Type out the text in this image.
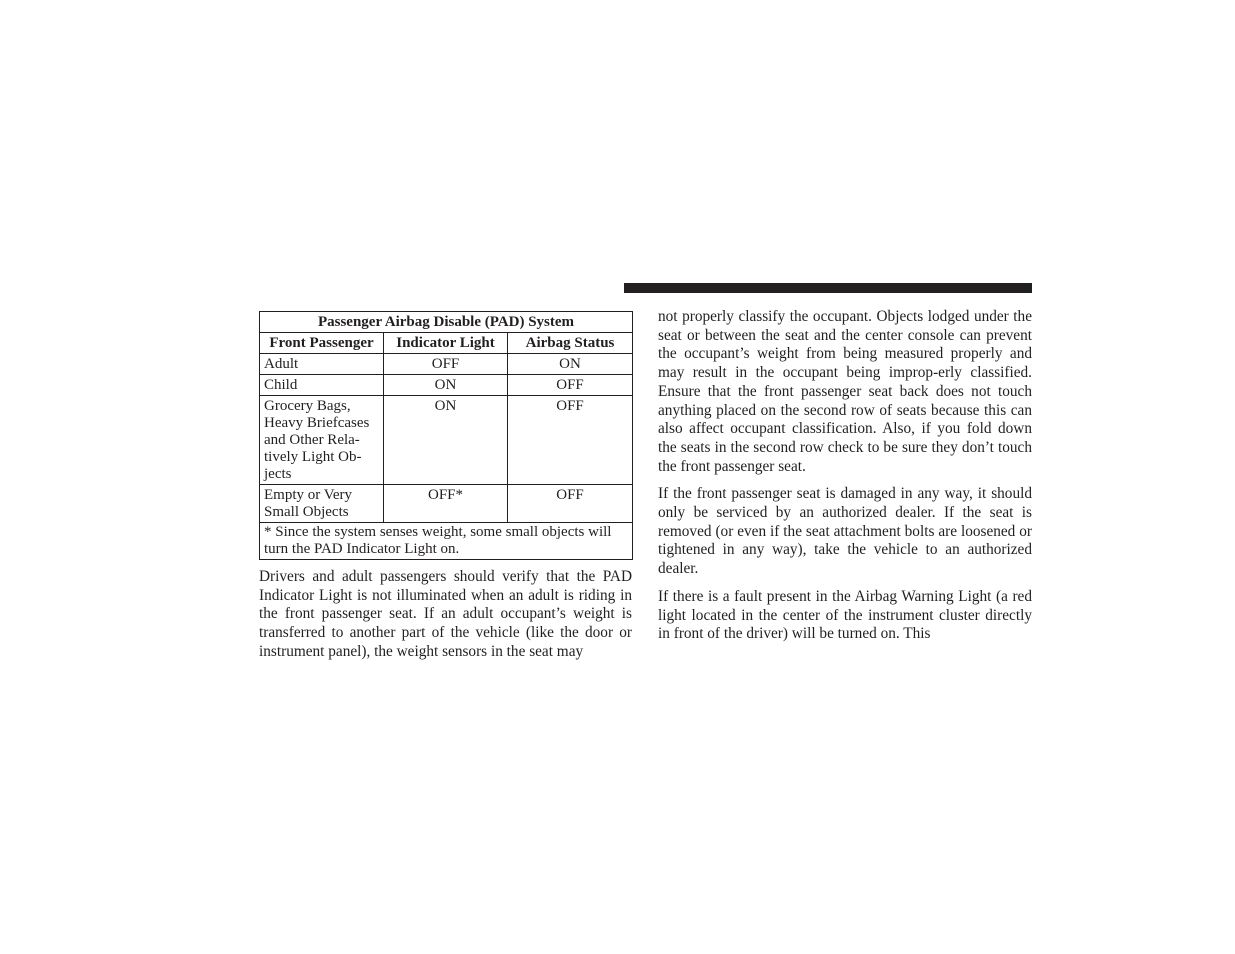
Passenger Airbag Disable (PAD) System		
Front Passenger	Indicator Light	Airbag Status
Adult	OFF	ON
Child	ON	OFF
Grocery Bags, Heavy Briefcases and Other Rela-tively Light Ob-jects	ON	OFF
Empty or Very Small Objects	OFF*	OFF
* Since the system senses weight, some small objects will turn the PAD Indicator Light on.		

Drivers and adult passengers should verify that the PAD Indicator Light is not illuminated when an adult is riding in the front passenger seat. If an adult occupant’s weight is transferred to another part of the vehicle (like the door or instrument panel), the weight sensors in the seat may

not properly classify the occupant. Objects lodged under the seat or between the seat and the center console can prevent the occupant’s weight from being measured properly and may result in the occupant being improp-erly classified. Ensure that the front passenger seat back does not touch anything placed on the second row of seats because this can also affect occupant classification. Also, if you fold down the seats in the second row check to be sure they don’t touch the front passenger seat.

If the front passenger seat is damaged in any way, it should only be serviced by an authorized dealer. If the seat is removed (or even if the seat attachment bolts are loosened or tightened in any way), take the vehicle to an authorized dealer.

If there is a fault present in the Airbag Warning Light (a red light located in the center of the instrument cluster directly in front of the driver) will be turned on. This
